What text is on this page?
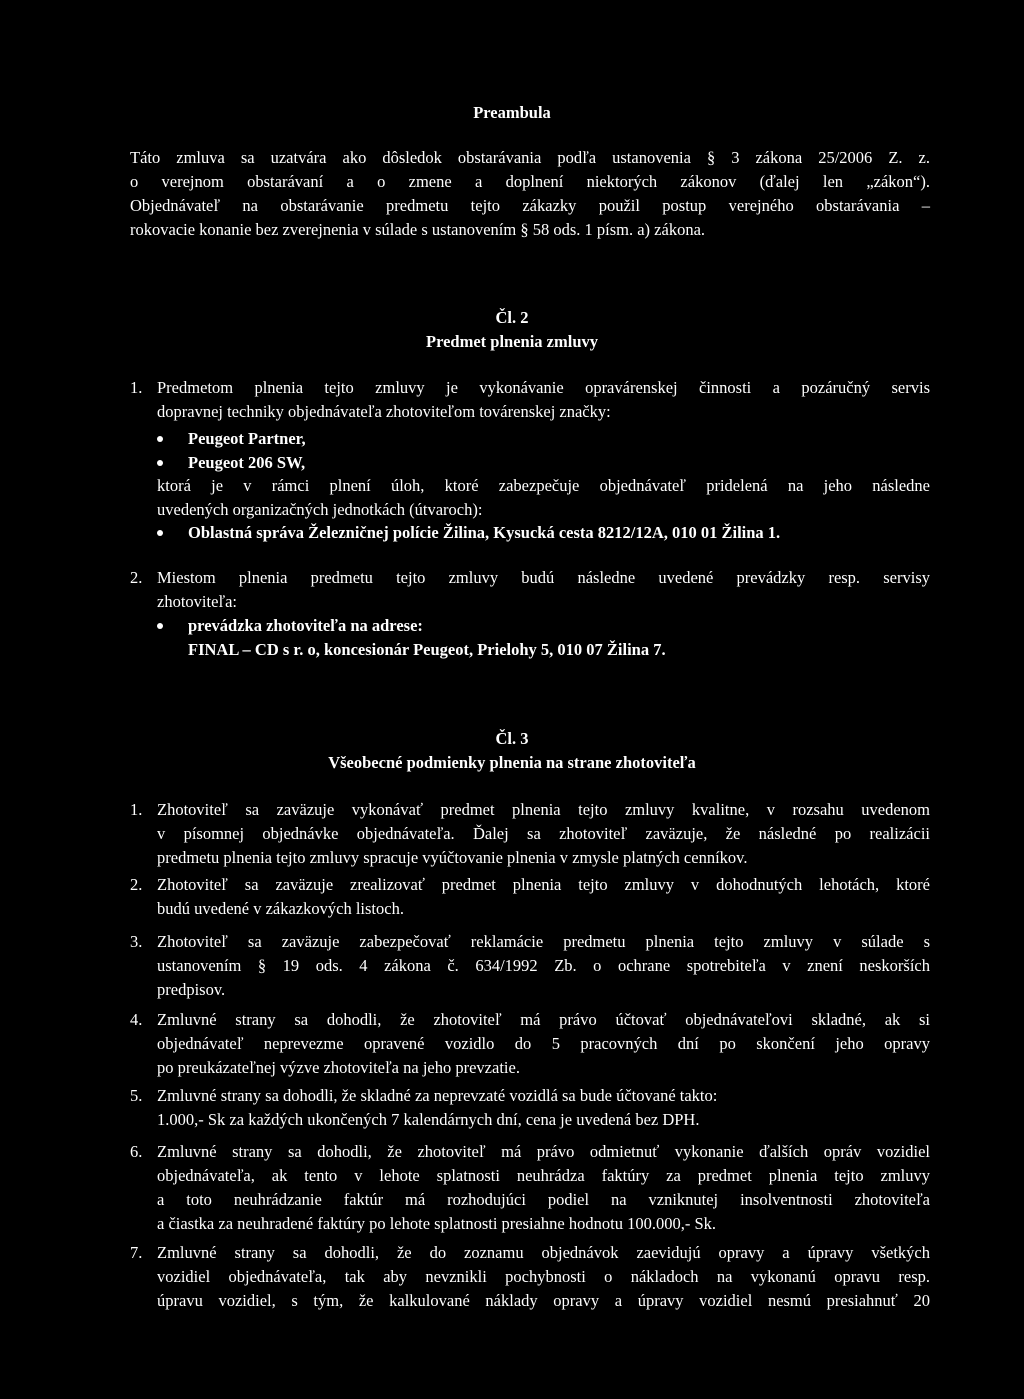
Preambula
Táto zmluva sa uzatvára ako dôsledok obstarávania podľa ustanovenia § 3 zákona 25/2006 Z. z.
o verejnom obstarávaní a o zmene a doplnení niektorých zákonov (ďalej len „zákon“).
Objednávateľ na obstarávanie predmetu tejto zákazky použil postup verejného obstarávania –
rokovacie konanie bez zverejnenia v súlade s ustanovením § 58 ods. 1 písm. a) zákona.
Čl. 2
Predmet plnenia zmluvy
1. Predmetom plnenia tejto zmluvy je vykonávanie opravárenskej činnosti a pozáručný servis
dopravnej techniky objednávateľa zhotoviteľom továrenskej značky:
Peugeot Partner,
Peugeot 206 SW,
ktorá je v rámci plnení úloh, ktoré zabezpečuje objednávateľ pridelená na jeho následne
uvedených organizačných jednotkách (útvaroch):
Oblastná správa Železničnej polície Žilina, Kysucká cesta 8212/12A, 010 01 Žilina 1.
2. Miestom plnenia predmetu tejto zmluvy budú následne uvedené prevádzky resp. servisy
zhotoviteľa:
prevádzka zhotoviteľa na adrese:
FINAL – CD s r. o, koncesionár Peugeot, Prielohy 5, 010 07 Žilina 7.
Čl. 3
Všeobecné podmienky plnenia na strane zhotoviteľa
1. Zhotoviteľ sa zaväzuje vykonávať predmet plnenia tejto zmluvy kvalitne, v rozsahu uvedenom
v písomnej objednávke objednávateľa. Ďalej sa zhotoviteľ zaväzuje, že následné po realizácii
predmetu plnenia tejto zmluvy spracuje vyúčtovanie plnenia v zmysle platných cenníkov.
2. Zhotoviteľ sa zaväzuje zrealizovať predmet plnenia tejto zmluvy v dohodnutých lehotách, ktoré
budú uvedené v zákazkových listoch.
3. Zhotoviteľ sa zaväzuje zabezpečovať reklamácie predmetu plnenia tejto zmluvy v súlade s
ustanovením § 19 ods. 4 zákona č. 634/1992 Zb. o ochrane spotrebiteľa v znení neskorších
predpisov.
4. Zmluvné strany sa dohodli, že zhotoviteľ má právo účtovať objednávateľovi skladné, ak si
objednávateľ neprevezme opravené vozidlo do 5 pracovných dní po skončení jeho opravy
po preukázateľnej výzve zhotoviteľa na jeho prevzatie.
5. Zmluvné strany sa dohodli, že skladné za neprevzaté vozidlá sa bude účtované takto:
1.000,- Sk za každých ukončených 7 kalendárnych dní, cena je uvedená bez DPH.
6. Zmluvné strany sa dohodli, že zhotoviteľ má právo odmietnuť vykonanie ďalších opráv vozidiel
objednávateľa, ak tento v lehote splatnosti neuhrádza faktúry za predmet plnenia tejto zmluvy
a toto neuhrádzanie faktúr má rozhodujúci podiel na vzniknutej insolventnosti zhotoviteľa
a čiastka za neuhradené faktúry po lehote splatnosti presiahne hodnotu 100.000,- Sk.
7. Zmluvné strany sa dohodli, že do zoznamu objednávok zaevidujú opravy a úpravy všetkých
vozidiel objednávateľa, tak aby nevznikli pochybnosti o nákladoch na vykonanú opravu resp.
úpravu vozidiel, s tým, že kalkulované náklady opravy a úpravy vozidiel nesmú presiahnuť 20
